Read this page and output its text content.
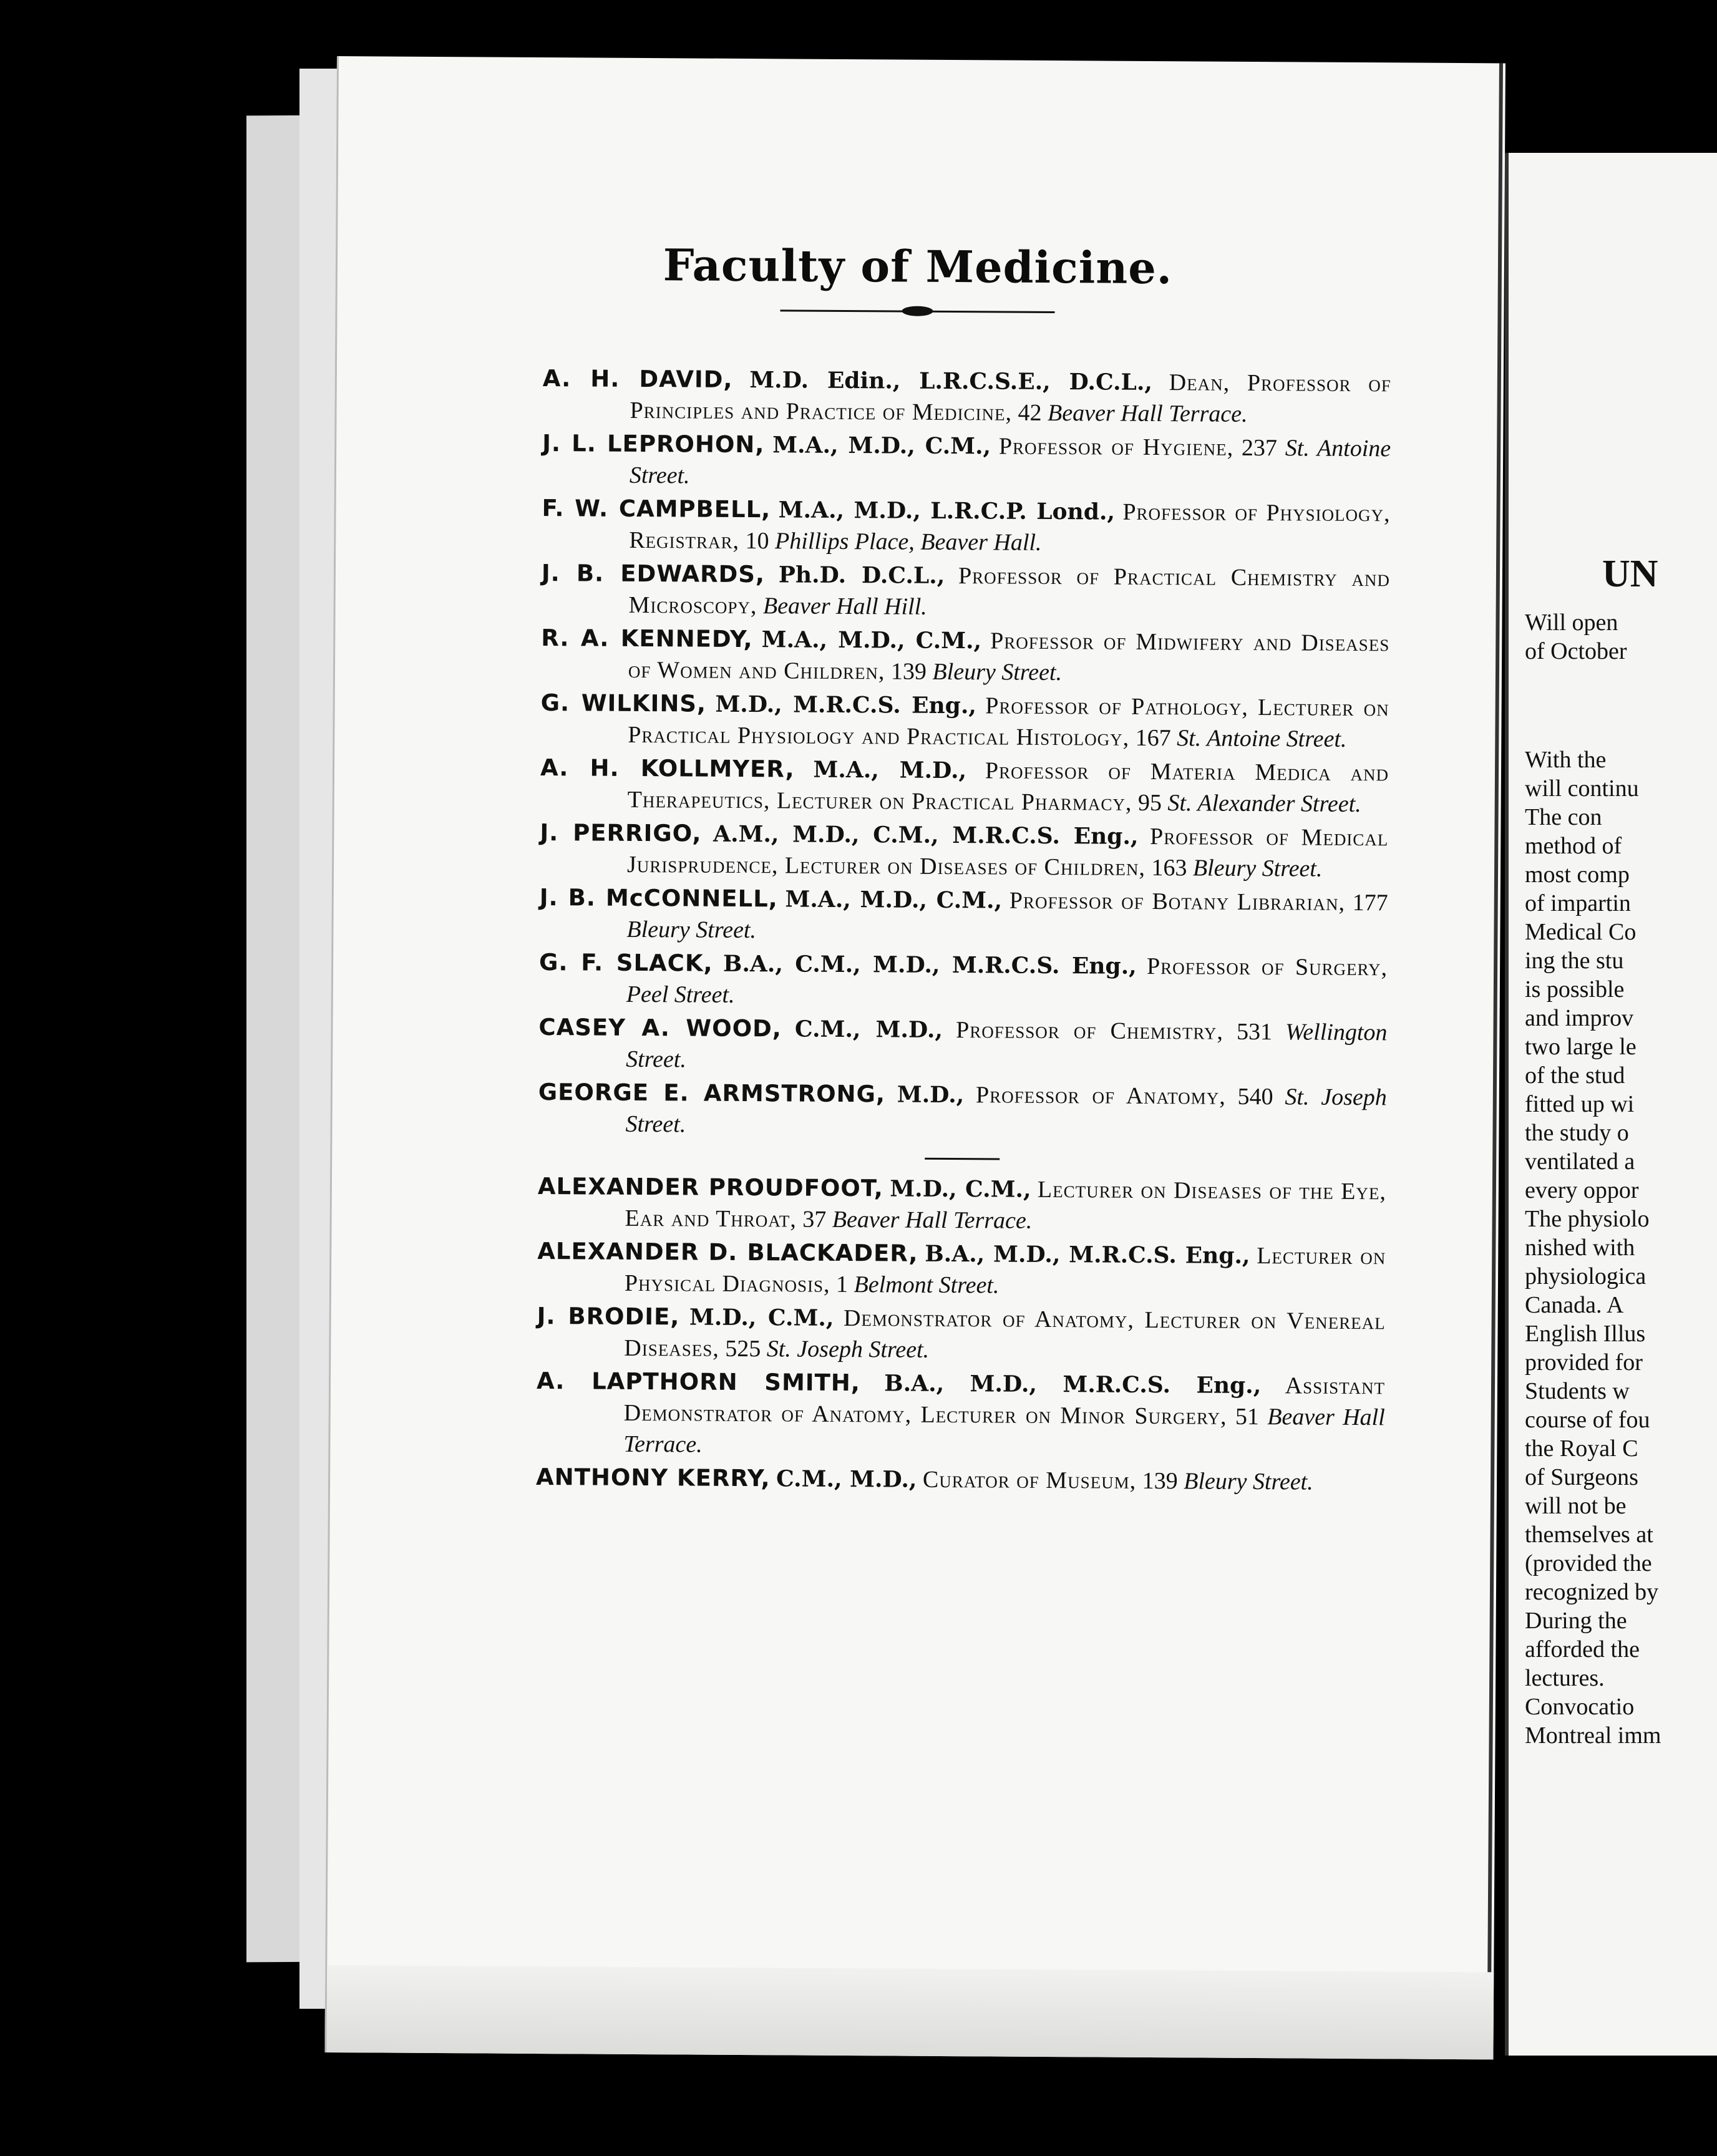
Faculty of Medicine.
A. H. DAVID, M.D. Edin., L.R.C.S.E., D.C.L., Dean, Professor of Principles and Practice of Medicine, 42 Beaver Hall Terrace.
J. L. LEPROHON, M.A., M.D., C.M., Professor of Hygiene, 237 St. Antoine Street.
F. W. CAMPBELL, M.A., M.D., L.R.C.P. Lond., Professor of Physiology, Registrar, 10 Phillips Place, Beaver Hall.
J. B. EDWARDS, Ph.D. D.C.L., Professor of Practical Chemistry and Microscopy, Beaver Hall Hill.
R. A. KENNEDY, M.A., M.D., C.M., Professor of Midwifery and Diseases of Women and Children, 139 Bleury Street.
G. WILKINS, M.D., M.R.C.S. Eng., Professor of Pathology, Lecturer on Practical Physiology and Practical Histology, 167 St. Antoine Street.
A. H. KOLLMYER, M.A., M.D., Professor of Materia Medica and Therapeutics, Lecturer on Practical Pharmacy, 95 St. Alexander Street.
J. PERRIGO, A.M., M.D., C.M., M.R.C.S. Eng., Professor of Medical Jurisprudence, Lecturer on Diseases of Children, 163 Bleury Street.
J. B. McCONNELL, M.A., M.D., C.M., Professor of Botany Librarian, 177 Bleury Street.
G. F. SLACK, B.A., C.M., M.D., M.R.C.S. Eng., Professor of Surgery, Peel Street.
CASEY A. WOOD, C.M., M.D., Professor of Chemistry, 531 Wellington Street.
GEORGE E. ARMSTRONG, M.D., Professor of Anatomy, 540 St. Joseph Street.
ALEXANDER PROUDFOOT, M.D., C.M., Lecturer on Diseases of the Eye, Ear and Throat, 37 Beaver Hall Terrace.
ALEXANDER D. BLACKADER, B.A., M.D., M.R.C.S. Eng., Lecturer on Physical Diagnosis, 1 Belmont Street.
J. BRODIE, M.D., C.M., Demonstrator of Anatomy, Lecturer on Venereal Diseases, 525 St. Joseph Street.
A. LAPTHORN SMITH, B.A., M.D., M.R.C.S. Eng., Assistant Demonstrator of Anatomy, Lecturer on Minor Surgery, 51 Beaver Hall Terrace.
ANTHONY KERRY, C.M., M.D., Curator of Museum, 139 Bleury Street.
UN
Will open
of October
With the
will continu
The con
method of
most comp
of impartin
Medical Co
ing the stu
is possible
and improv
two large le
of the stud
fitted up wi
the study o
ventilated a
every oppor
The physiolo
nished with
physiologica
Canada. A
English Illus
provided for
Students w
course of fou
the Royal C
of Surgeons
will not be
themselves at
(provided the
recognized by
During the
afforded the
lectures.
Convocatio
Montreal imm
